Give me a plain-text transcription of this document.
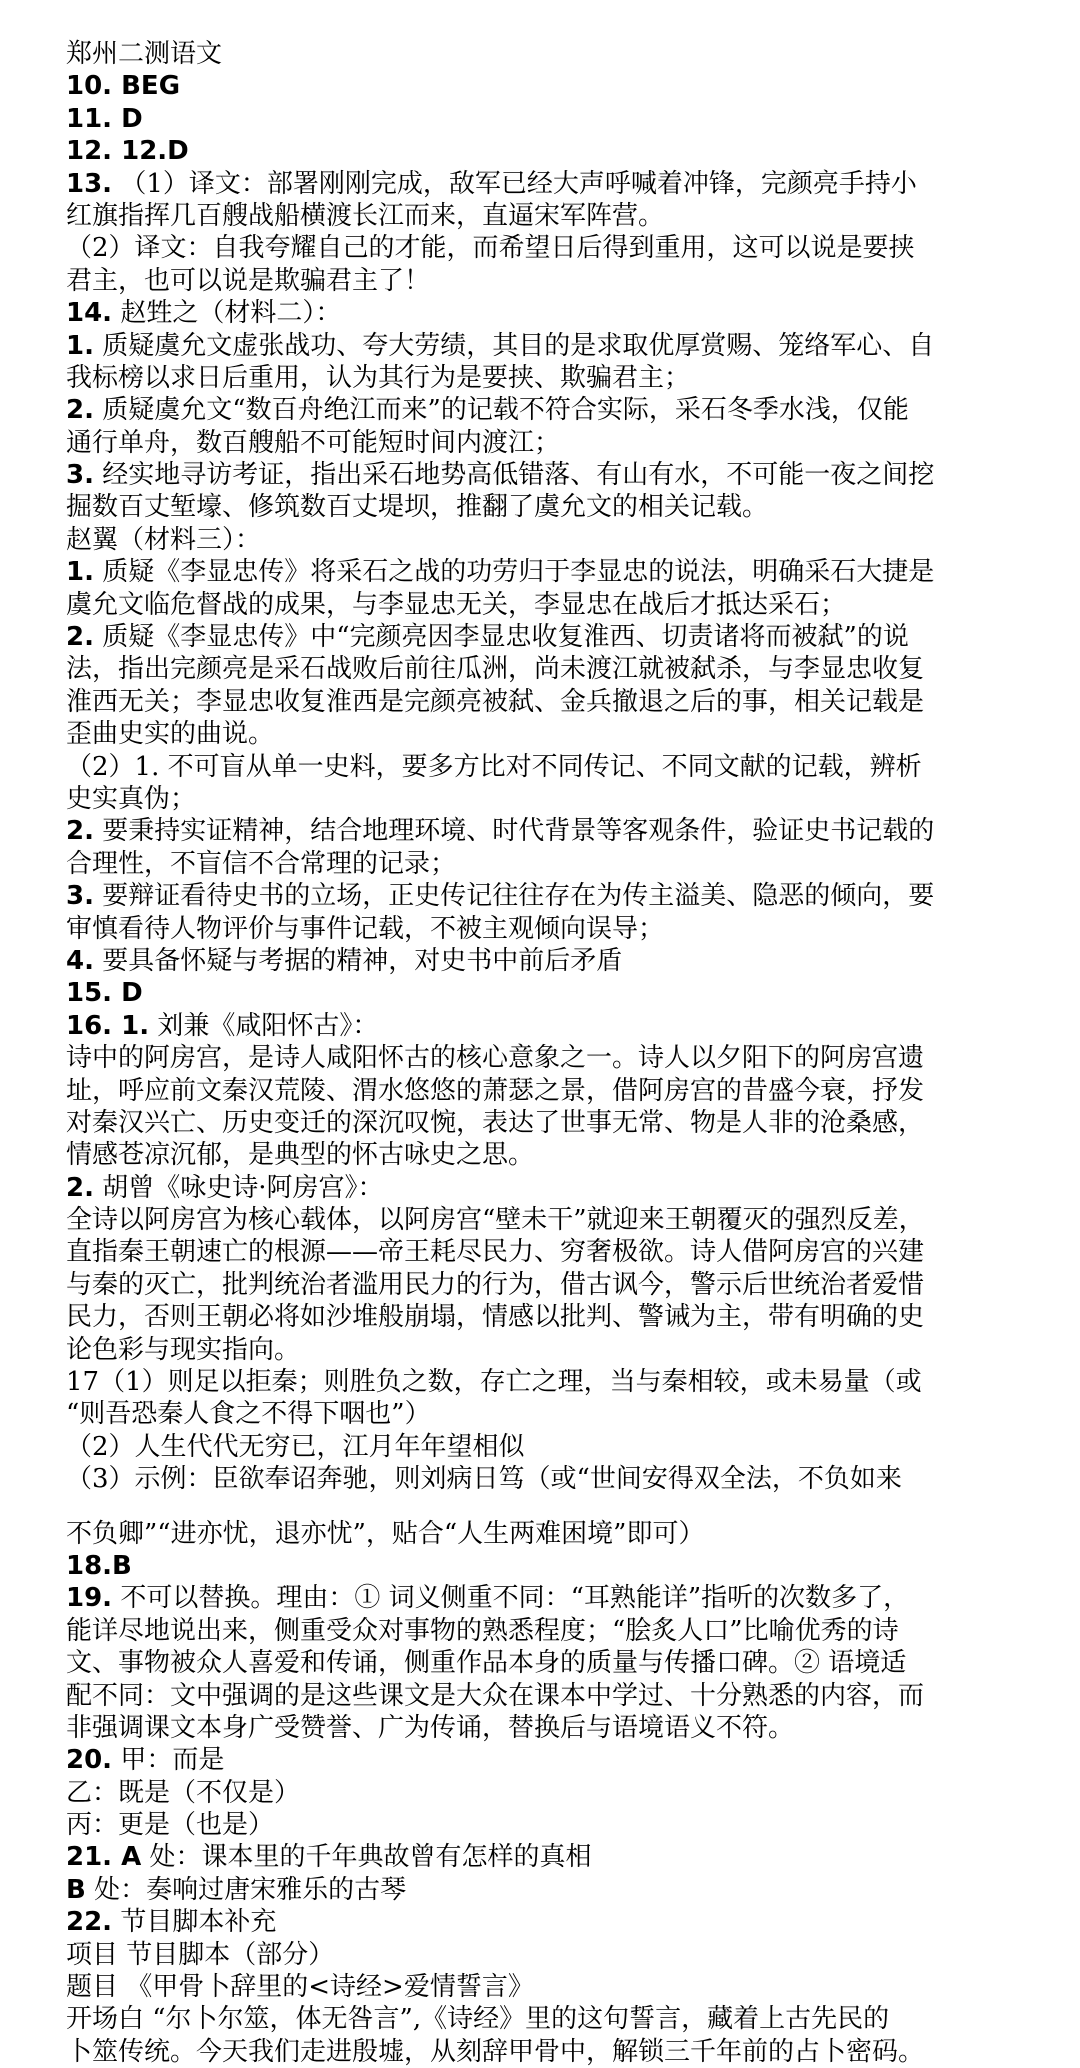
郑州二测语文
10. BEG
11. D
12. 12.D
13. （1）译文：部署刚刚完成，敌军已经大声呼喊着冲锋，完颜亮手持小
红旗指挥几百艘战船横渡长江而来，直逼宋军阵营。
（2）译文：自我夸耀自己的才能，而希望日后得到重用，这可以说是要挟
君主，也可以说是欺骗君主了！
14. 赵甡之（材料二）：
1. 质疑虞允文虚张战功、夸大劳绩，其目的是求取优厚赏赐、笼络军心、自
我标榜以求日后重用，认为其行为是要挟、欺骗君主；
2. 质疑虞允文“数百舟绝江而来”的记载不符合实际，采石冬季水浅，仅能
通行单舟，数百艘船不可能短时间内渡江；
3. 经实地寻访考证，指出采石地势高低错落、有山有水，不可能一夜之间挖
掘数百丈堑壕、修筑数百丈堤坝，推翻了虞允文的相关记载。
赵翼（材料三）：
1. 质疑《李显忠传》将采石之战的功劳归于李显忠的说法，明确采石大捷是
虞允文临危督战的成果，与李显忠无关，李显忠在战后才抵达采石；
2. 质疑《李显忠传》中“完颜亮因李显忠收复淮西、切责诸将而被弑”的说
法，指出完颜亮是采石战败后前往瓜洲，尚未渡江就被弑杀，与李显忠收复
淮西无关；李显忠收复淮西是完颜亮被弑、金兵撤退之后的事，相关记载是
歪曲史实的曲说。
（2）1. 不可盲从单一史料，要多方比对不同传记、不同文献的记载，辨析
史实真伪；
2. 要秉持实证精神，结合地理环境、时代背景等客观条件，验证史书记载的
合理性，不盲信不合常理的记录；
3. 要辩证看待史书的立场，正史传记往往存在为传主溢美、隐恶的倾向，要
审慎看待人物评价与事件记载，不被主观倾向误导；
4. 要具备怀疑与考据的精神，对史书中前后矛盾
15. D
16. 1. 刘兼《咸阳怀古》：
诗中的阿房宫，是诗人咸阳怀古的核心意象之一。诗人以夕阳下的阿房宫遗
址，呼应前文秦汉荒陵、渭水悠悠的萧瑟之景，借阿房宫的昔盛今衰，抒发
对秦汉兴亡、历史变迁的深沉叹惋，表达了世事无常、物是人非的沧桑感，
情感苍凉沉郁，是典型的怀古咏史之思。
2. 胡曾《咏史诗·阿房宫》：
全诗以阿房宫为核心载体，以阿房宫“壁未干”就迎来王朝覆灭的强烈反差，
直指秦王朝速亡的根源——帝王耗尽民力、穷奢极欲。诗人借阿房宫的兴建
与秦的灭亡，批判统治者滥用民力的行为，借古讽今，警示后世统治者爱惜
民力，否则王朝必将如沙堆般崩塌，情感以批判、警诫为主，带有明确的史
论色彩与现实指向。
17（1）则足以拒秦；则胜负之数，存亡之理，当与秦相较，或未易量（或
“则吾恐秦人食之不得下咽也”）
（2）人生代代无穷已，江月年年望相似
（3）示例：臣欲奉诏奔驰，则刘病日笃（或“世间安得双全法，不负如来
不负卿”“进亦忧，退亦忧”，贴合“人生两难困境”即可）
18.B
19. 不可以替换。理由：① 词义侧重不同：“耳熟能详”指听的次数多了，
能详尽地说出来，侧重受众对事物的熟悉程度；“脍炙人口”比喻优秀的诗
文、事物被众人喜爱和传诵，侧重作品本身的质量与传播口碑。② 语境适
配不同：文中强调的是这些课文是大众在课本中学过、十分熟悉的内容，而
非强调课文本身广受赞誉、广为传诵，替换后与语境语义不符。
20. 甲：而是
乙：既是（不仅是）
丙：更是（也是）
21. A 处：课本里的千年典故曾有怎样的真相
B 处：奏响过唐宋雅乐的古琴
22. 节目脚本补充
项目 节目脚本（部分）
题目 《甲骨卜辞里的<诗经>爱情誓言》
开场白 “尔卜尔筮，体无咎言”,《诗经》里的这句誓言，藏着上古先民的
卜筮传统。今天我们走进殷墟，从刻辞甲骨中，解锁三千年前的占卜密码。
